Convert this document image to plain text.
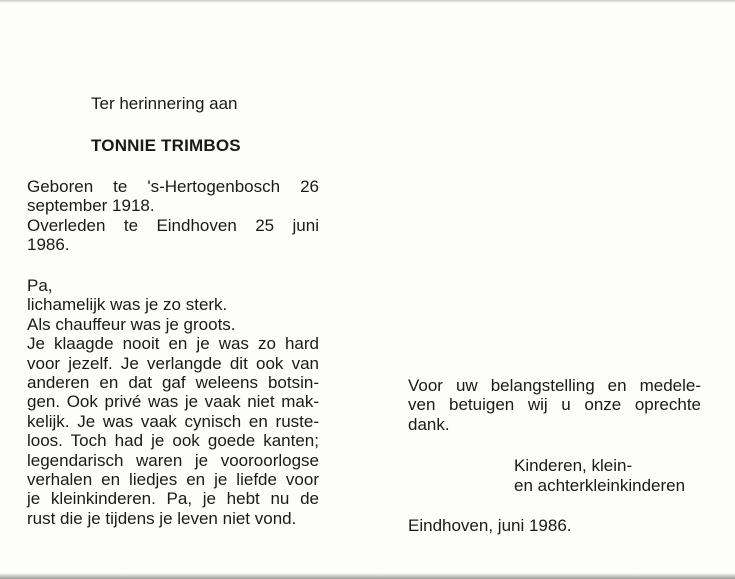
Ter herinnering aan
TONNIE TRIMBOS
Geboren te 's-Hertogenbosch 26
september 1918.
Overleden te Eindhoven 25 juni
1986.
Pa,
lichamelijk was je zo sterk.
Als chauffeur was je groots.
Je klaagde nooit en je was zo hard
voor jezelf. Je verlangde dit ook van
anderen en dat gaf weleens botsin-
gen. Ook privé was je vaak niet mak-
kelijk. Je was vaak cynisch en ruste-
loos. Toch had je ook goede kanten;
legendarisch waren je vooroorlogse
verhalen en liedjes en je liefde voor
je kleinkinderen. Pa, je hebt nu de
rust die je tijdens je leven niet vond.
Voor uw belangstelling en medele-
ven betuigen wij u onze oprechte
dank.
Kinderen, klein-
en achterkleinkinderen
Eindhoven, juni 1986.
